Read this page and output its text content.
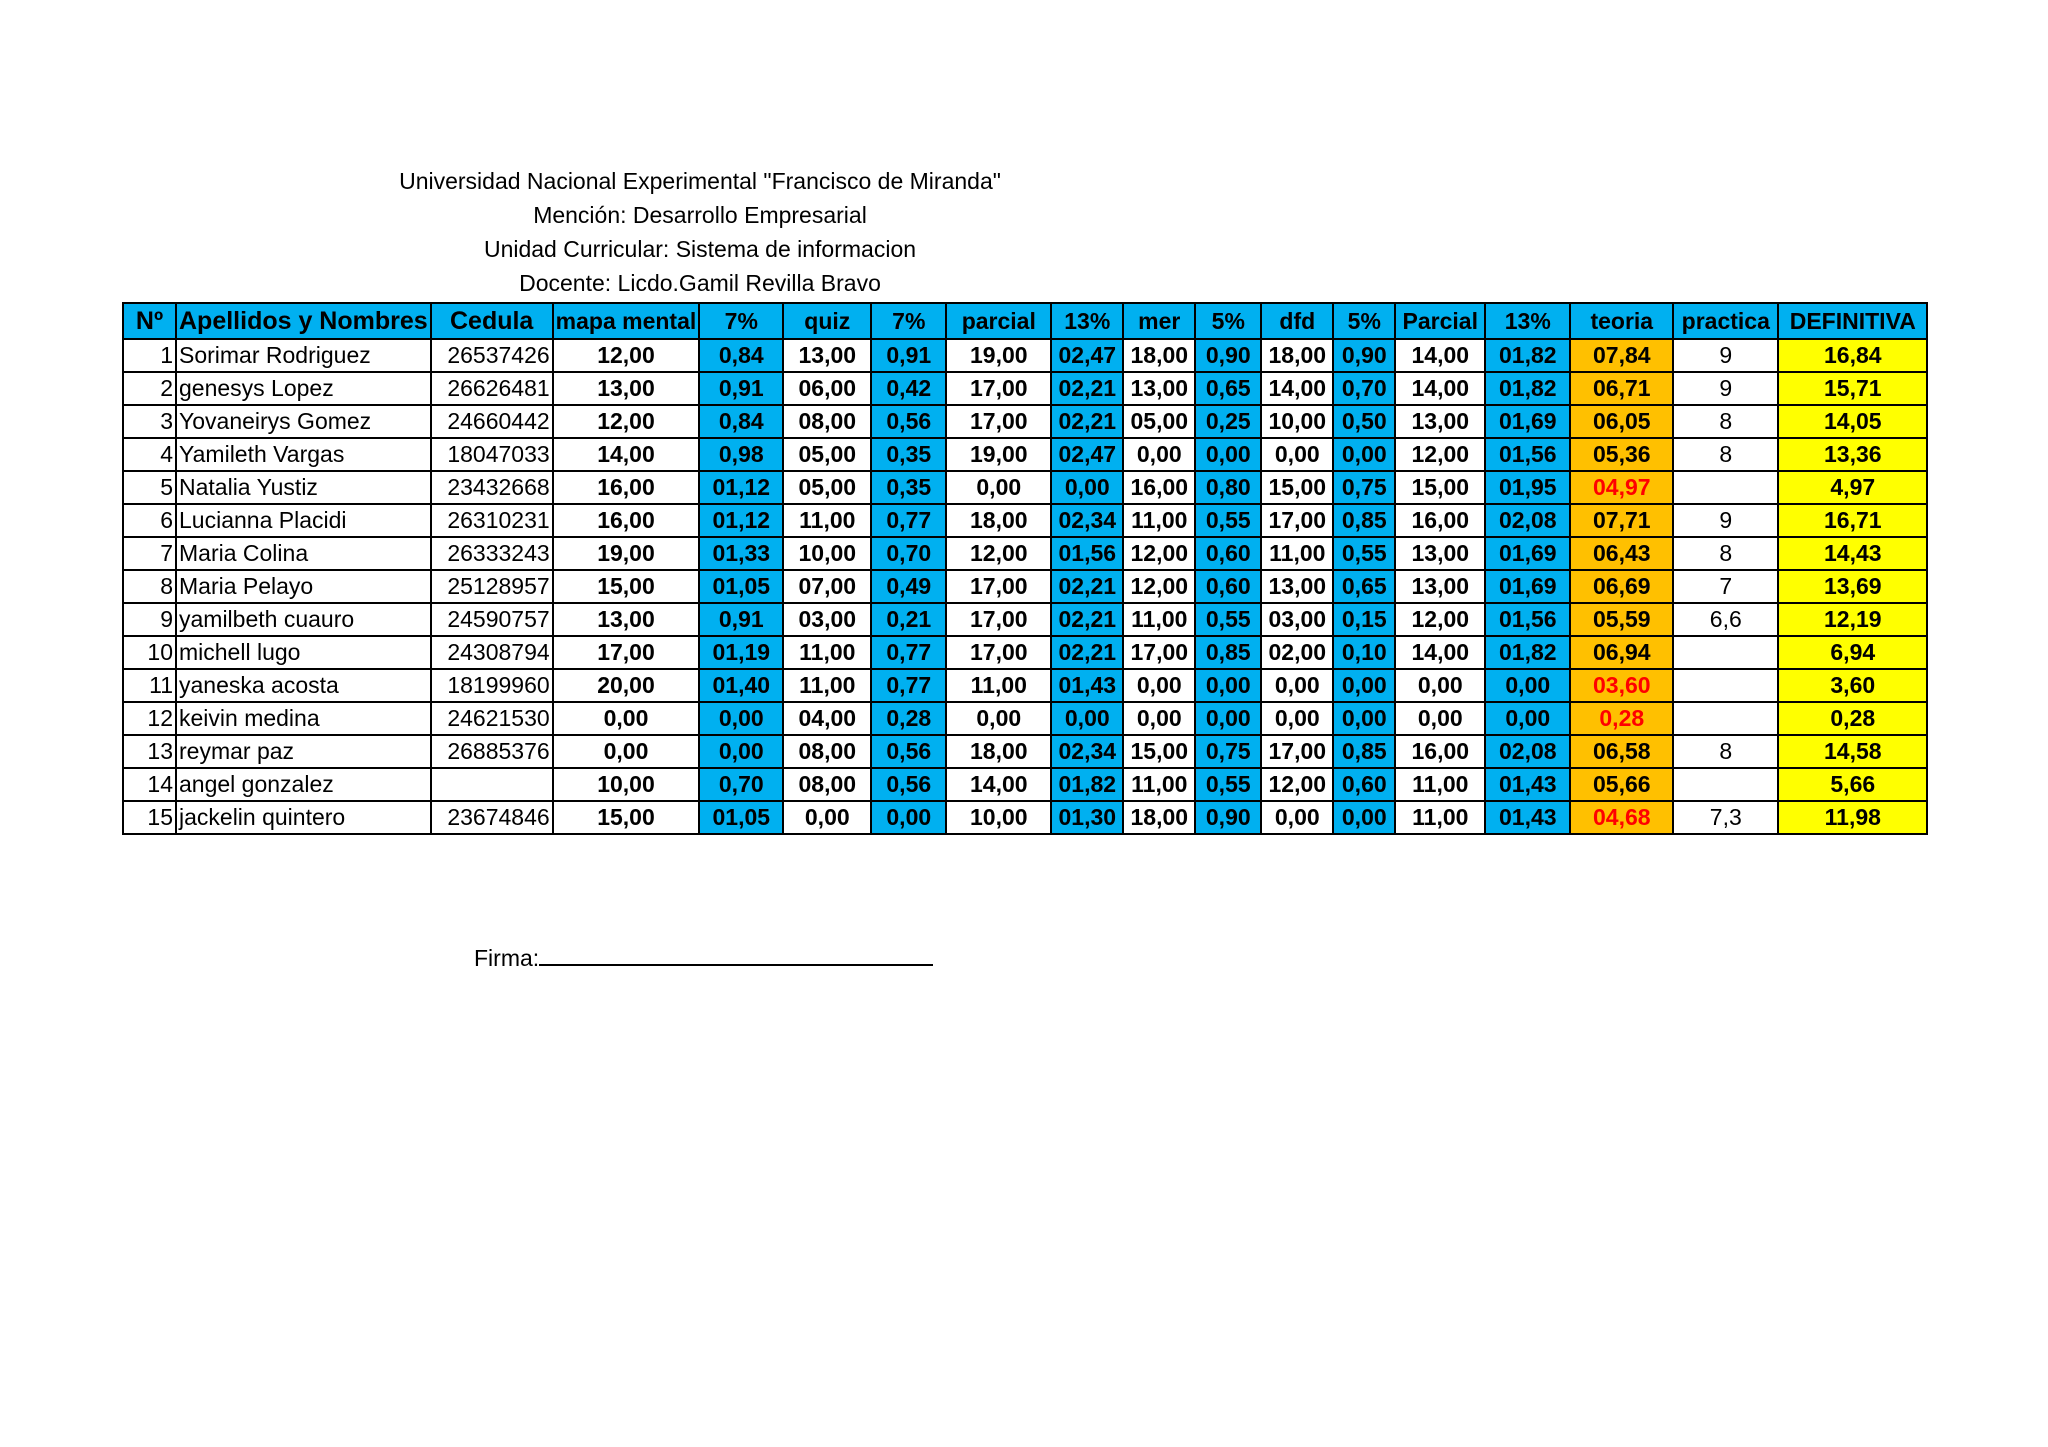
Universidad Nacional Experimental "Francisco de Miranda"
Mención: Desarrollo Empresarial
Unidad Curricular: Sistema de informacion
Docente: Licdo.Gamil Revilla Bravo
Nº	Apellidos y Nombres	Cedula	mapa mental	7%	quiz	7%	parcial	13%	mer	5%	dfd	5%	Parcial	13%	teoria	practica	DEFINITIVA
1	Sorimar Rodriguez	26537426	12,00	0,84	13,00	0,91	19,00	02,47	18,00	0,90	18,00	0,90	14,00	01,82	07,84	9	16,84
2	genesys Lopez	26626481	13,00	0,91	06,00	0,42	17,00	02,21	13,00	0,65	14,00	0,70	14,00	01,82	06,71	9	15,71
3	Yovaneirys Gomez	24660442	12,00	0,84	08,00	0,56	17,00	02,21	05,00	0,25	10,00	0,50	13,00	01,69	06,05	8	14,05
4	Yamileth Vargas	18047033	14,00	0,98	05,00	0,35	19,00	02,47	0,00	0,00	0,00	0,00	12,00	01,56	05,36	8	13,36
5	Natalia Yustiz	23432668	16,00	01,12	05,00	0,35	0,00	0,00	16,00	0,80	15,00	0,75	15,00	01,95	04,97		4,97
6	Lucianna Placidi	26310231	16,00	01,12	11,00	0,77	18,00	02,34	11,00	0,55	17,00	0,85	16,00	02,08	07,71	9	16,71
7	Maria Colina	26333243	19,00	01,33	10,00	0,70	12,00	01,56	12,00	0,60	11,00	0,55	13,00	01,69	06,43	8	14,43
8	Maria Pelayo	25128957	15,00	01,05	07,00	0,49	17,00	02,21	12,00	0,60	13,00	0,65	13,00	01,69	06,69	7	13,69
9	yamilbeth cuauro	24590757	13,00	0,91	03,00	0,21	17,00	02,21	11,00	0,55	03,00	0,15	12,00	01,56	05,59	6,6	12,19
10	michell lugo	24308794	17,00	01,19	11,00	0,77	17,00	02,21	17,00	0,85	02,00	0,10	14,00	01,82	06,94		6,94
11	yaneska acosta	18199960	20,00	01,40	11,00	0,77	11,00	01,43	0,00	0,00	0,00	0,00	0,00	0,00	03,60		3,60
12	keivin medina	24621530	0,00	0,00	04,00	0,28	0,00	0,00	0,00	0,00	0,00	0,00	0,00	0,00	0,28		0,28
13	reymar paz	26885376	0,00	0,00	08,00	0,56	18,00	02,34	15,00	0,75	17,00	0,85	16,00	02,08	06,58	8	14,58
14	angel gonzalez		10,00	0,70	08,00	0,56	14,00	01,82	11,00	0,55	12,00	0,60	11,00	01,43	05,66		5,66
15	jackelin quintero	23674846	15,00	01,05	0,00	0,00	10,00	01,30	18,00	0,90	0,00	0,00	11,00	01,43	04,68	7,3	11,98
Firma:
